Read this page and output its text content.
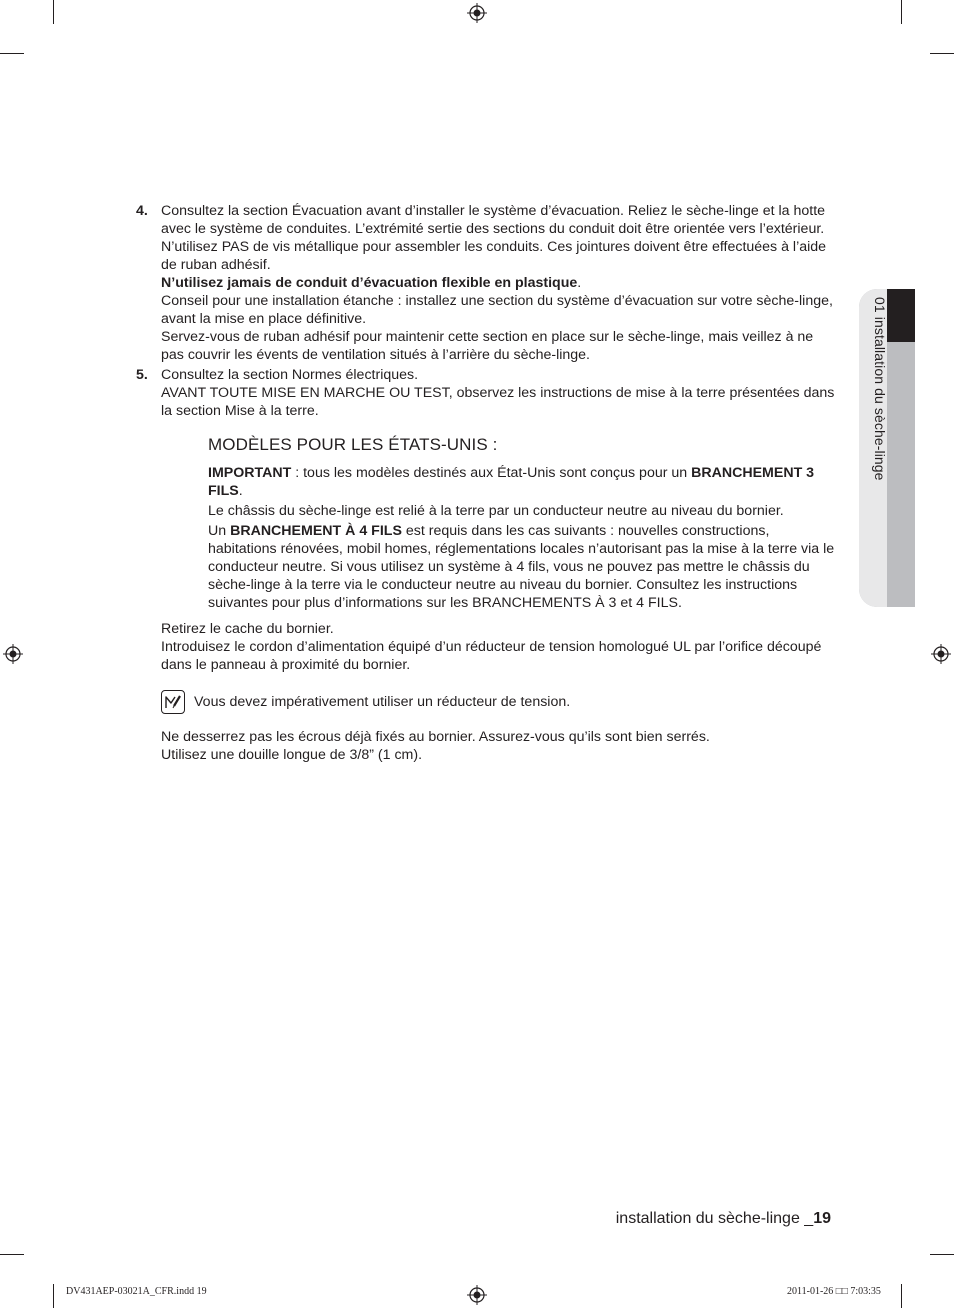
01 installation du sèche-linge
4. Consultez la section Évacuation avant d’installer le système d’évacuation. Reliez le sèche-linge et la hotte avec le système de conduites. L’extrémité sertie des sections du conduit doit être orientée vers l’extérieur.

N’utilisez PAS de vis métallique pour assembler les conduits. Ces jointures doivent être effectuées à l’aide de ruban adhésif.

N’utilisez jamais de conduit d’évacuation flexible en plastique.

Conseil pour une installation étanche : installez une section du système d’évacuation sur votre sèche-linge, avant la mise en place définitive.

Servez-vous de ruban adhésif pour maintenir cette section en place sur le sèche-linge, mais veillez à ne pas couvrir les évents de ventilation situés à l’arrière du sèche-linge.

5. Consultez la section Normes électriques.

AVANT TOUTE MISE EN MARCHE OU TEST, observez les instructions de mise à la terre présentées dans la section Mise à la terre.

MODÈLES POUR LES ÉTATS-UNIS :

IMPORTANT : tous les modèles destinés aux État-Unis sont conçus pour un BRANCHEMENT 3 FILS.

Le châssis du sèche-linge est relié à la terre par un conducteur neutre au niveau du bornier.

Un BRANCHEMENT À 4 FILS est requis dans les cas suivants : nouvelles constructions, habitations rénovées, mobil homes, réglementations locales n’autorisant pas la mise à la terre via le conducteur neutre. Si vous utilisez un système à 4 fils, vous ne pouvez pas mettre le châssis du sèche-linge à la terre via le conducteur neutre au niveau du bornier. Consultez les instructions suivantes pour plus d’informations sur les BRANCHEMENTS À 3 et 4 FILS.

Retirez le cache du bornier.

Introduisez le cordon d’alimentation équipé d’un réducteur de tension homologué UL par l’orifice découpé dans le panneau à proximité du bornier.

Vous devez impérativement utiliser un réducteur de tension.

Ne desserrez pas les écrous déjà fixés au bornier. Assurez-vous qu’ils sont bien serrés.

Utilisez une douille longue de 3/8” (1 cm).

installation du sèche-linge _19
DV431AEP-03021A_CFR.indd 19	2011-01-26 □□ 7:03:35
